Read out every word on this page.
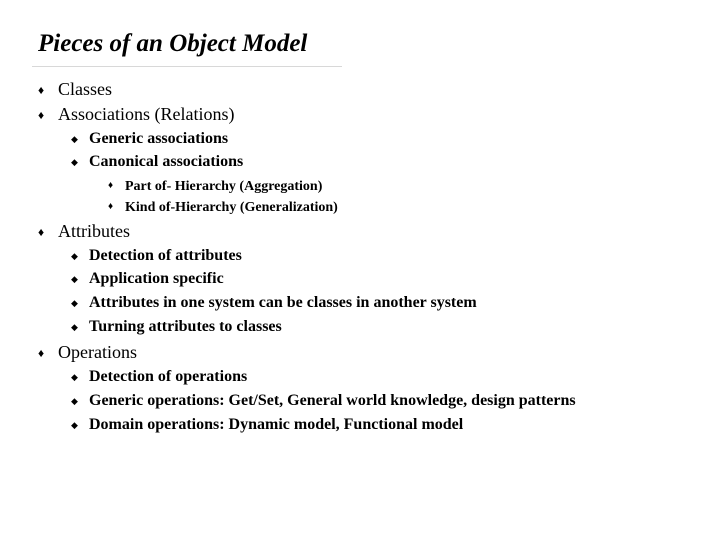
Pieces of an Object Model
♦
Classes
♦
Associations (Relations)
◆
Generic associations
◆
Canonical associations
♦
Part of- Hierarchy (Aggregation)
♦
Kind of-Hierarchy (Generalization)
♦
Attributes
◆
Detection of attributes
◆
Application specific
◆
Attributes in one system can be classes in another system
◆
Turning attributes to classes
♦
Operations
◆
Detection of operations
◆
Generic operations: Get/Set, General world knowledge, design patterns
◆
Domain operations: Dynamic model, Functional model
